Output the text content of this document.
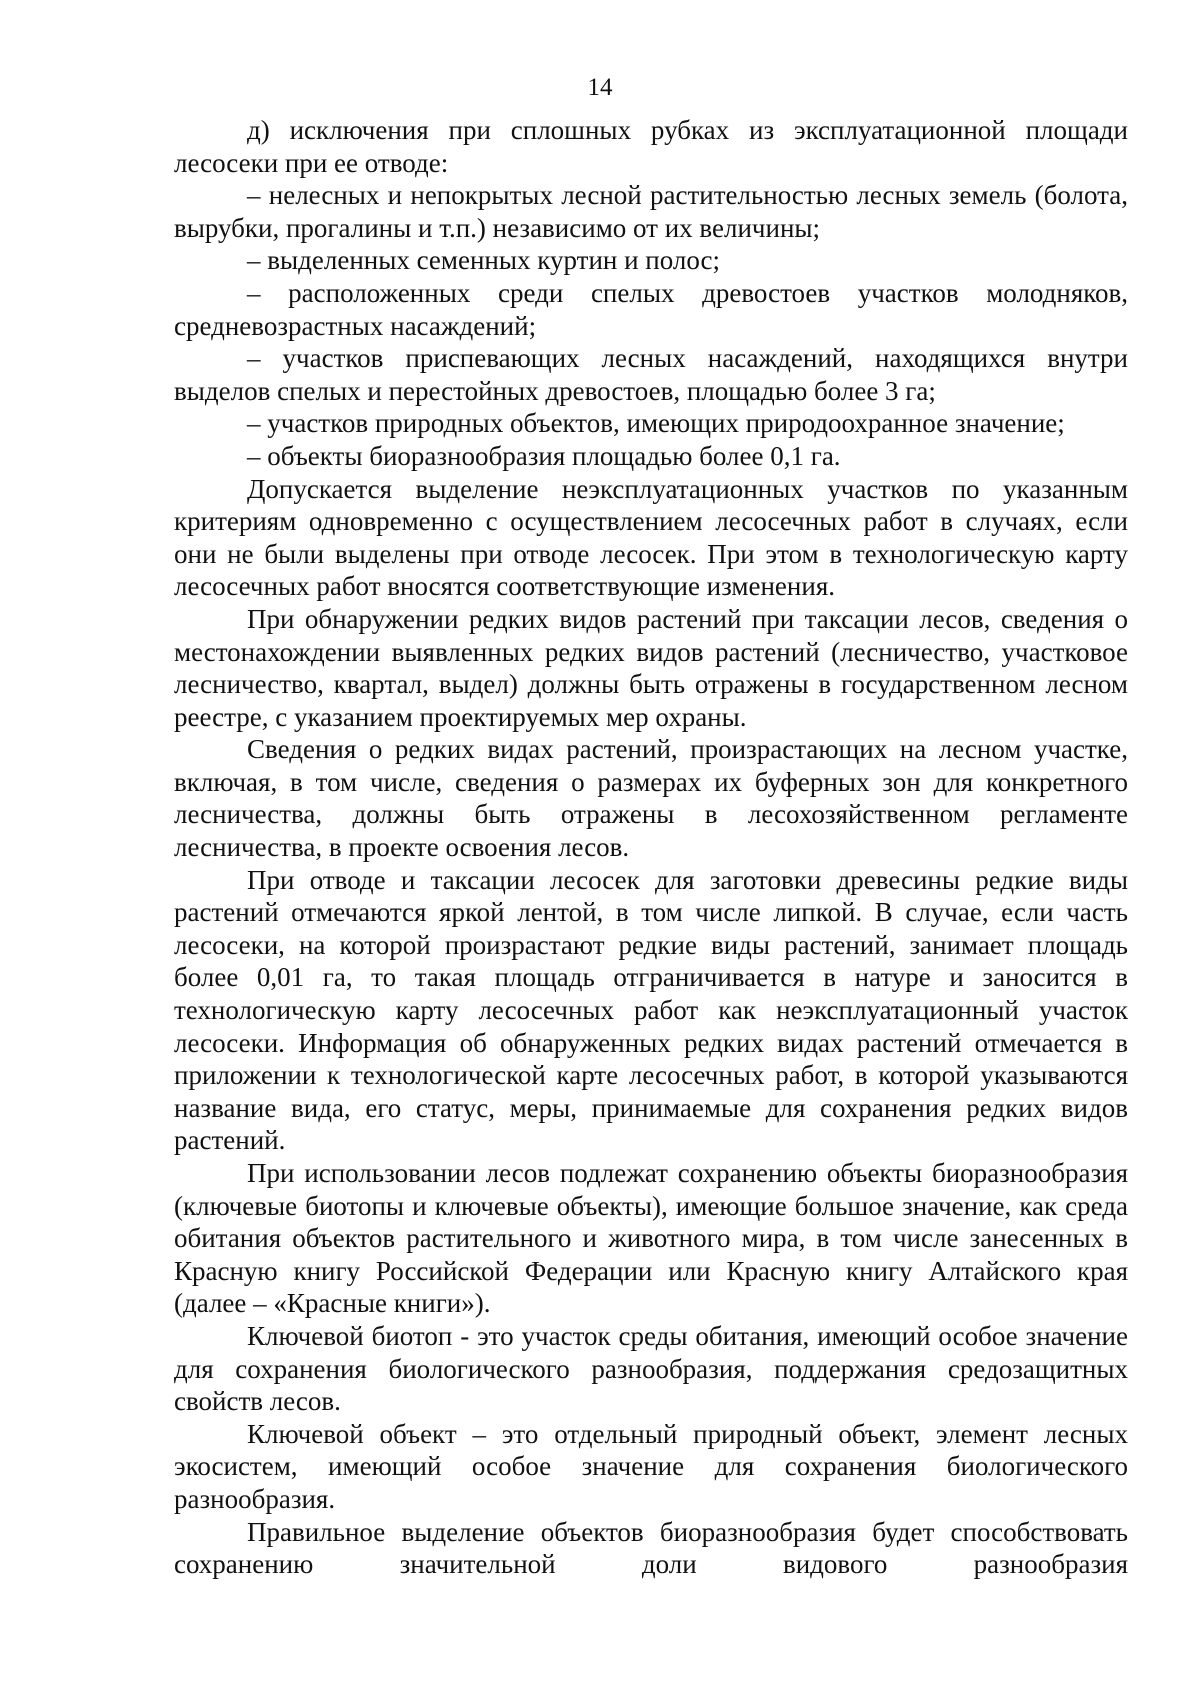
14

д) исключения при сплошных рубках из эксплуатационной площади лесосеки при ее отводе:

– нелесных и непокрытых лесной растительностью лесных земель (болота, вырубки, прогалины и т.п.) независимо от их величины;

– выделенных семенных куртин и полос;

– расположенных среди спелых древостоев участков молодняков, средневозрастных насаждений;

– участков приспевающих лесных насаждений, находящихся внутри выделов спелых и перестойных древостоев, площадью более 3 га;

– участков природных объектов, имеющих природоохранное значение;

– объекты биоразнообразия площадью более 0,1 га.

Допускается выделение неэксплуатационных участков по указанным критериям одновременно с осуществлением лесосечных работ в случаях, если они не были выделены при отводе лесосек. При этом в технологическую карту лесосечных работ вносятся соответствующие изменения.

При обнаружении редких видов растений при таксации лесов, сведения о местонахождении выявленных редких видов растений (лесничество, участковое лесничество, квартал, выдел) должны быть отражены в государственном лесном реестре, с указанием проектируемых мер охраны.

Сведения о редких видах растений, произрастающих на лесном участке, включая, в том числе, сведения о размерах их буферных зон для конкретного лесничества, должны быть отражены в лесохозяйственном регламенте лесничества, в проекте освоения лесов.

При отводе и таксации лесосек для заготовки древесины редкие виды растений отмечаются яркой лентой, в том числе липкой. В случае, если часть лесосеки, на которой произрастают редкие виды растений, занимает площадь более 0,01 га, то такая площадь отграничивается в натуре и заносится в технологическую карту лесосечных работ как неэксплуатационный участок лесосеки. Информация об обнаруженных редких видах растений отмечается в приложении к технологической карте лесосечных работ, в которой указываются название вида, его статус, меры, принимаемые для сохранения редких видов растений.

При использовании лесов подлежат сохранению объекты биоразнообразия (ключевые биотопы и ключевые объекты), имеющие большое значение, как среда обитания объектов растительного и животного мира, в том числе занесенных в Красную книгу Российской Федерации или Красную книгу Алтайского края (далее – «Красные книги»).

Ключевой биотоп - это участок среды обитания, имеющий особое значение для сохранения биологического разнообразия, поддержания средозащитных свойств лесов.

Ключевой объект – это отдельный природный объект, элемент лесных экосистем, имеющий особое значение для сохранения биологического разнообразия.

Правильное выделение объектов биоразнообразия будет способствовать сохранению значительной доли видового разнообразия
